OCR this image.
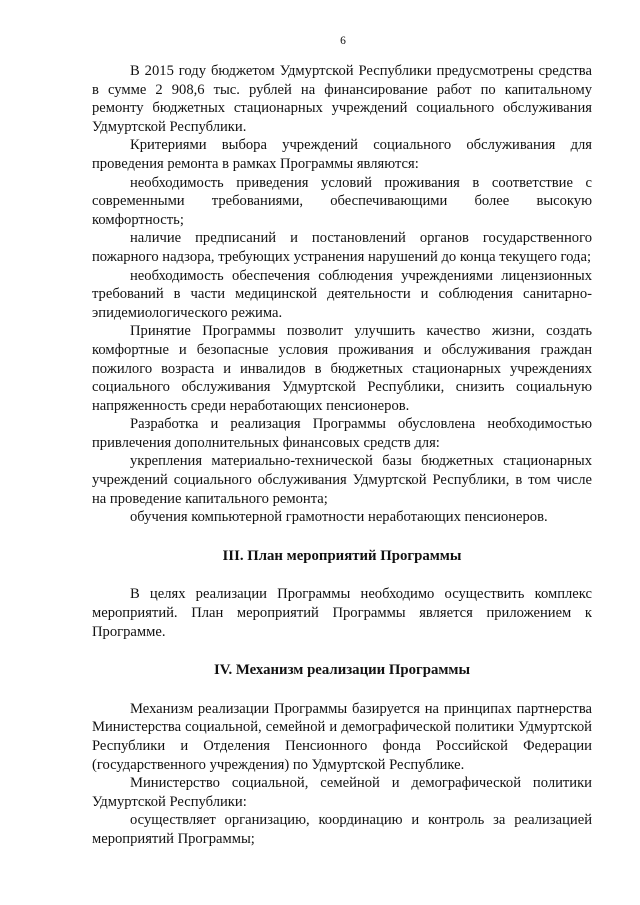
6

В 2015 году бюджетом Удмуртской Республики предусмотрены средства в сумме 2 908,6 тыс. рублей на финансирование работ по капитальному ремонту бюджетных стационарных учреждений социального обслуживания Удмуртской Республики.

Критериями выбора учреждений социального обслуживания для проведения ремонта в рамках Программы являются:

необходимость приведения условий проживания в соответствие с современными требованиями, обеспечивающими более высокую комфортность;

наличие предписаний и постановлений органов государственного пожарного надзора, требующих устранения нарушений до конца текущего года;

необходимость обеспечения соблюдения учреждениями лицензионных требований в части медицинской деятельности и соблюдения санитарно-эпидемиологического режима.

Принятие Программы позволит улучшить качество жизни, создать комфортные и безопасные условия проживания и обслуживания граждан пожилого возраста и инвалидов в бюджетных стационарных учреждениях социального обслуживания Удмуртской Республики, снизить социальную напряженность среди неработающих пенсионеров.

Разработка и реализация Программы обусловлена необходимостью привлечения дополнительных финансовых средств для:

укрепления материально-технической базы бюджетных стационарных учреждений социального обслуживания Удмуртской Республики, в том числе на проведение капитального ремонта;

обучения компьютерной грамотности неработающих пенсионеров.

III. План мероприятий Программы

В целях реализации Программы необходимо осуществить комплекс мероприятий. План мероприятий Программы является приложением к Программе.

IV. Механизм реализации Программы

Механизм реализации Программы базируется на принципах партнерства Министерства социальной, семейной и демографической политики Удмуртской Республики и Отделения Пенсионного фонда Российской Федерации (государственного учреждения) по Удмуртской Республике.

Министерство социальной, семейной и демографической политики Удмуртской Республики:

осуществляет организацию, координацию и контроль за реализацией мероприятий Программы;
